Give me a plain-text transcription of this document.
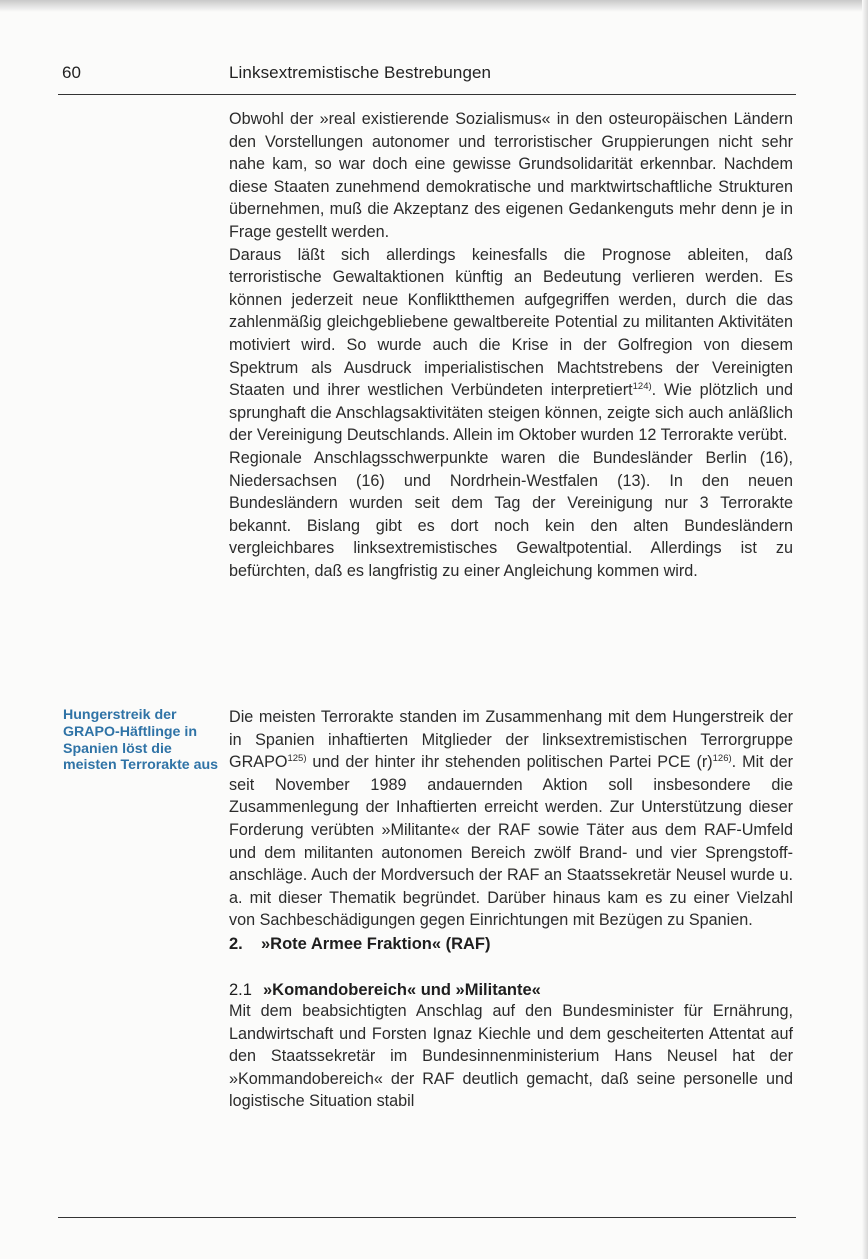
60	Linksextremistische Bestrebungen

Obwohl der »real existierende Sozialismus« in den osteuropäischen Ländern den Vorstellungen autonomer und terroristischer Gruppierungen nicht sehr nahe kam, so war doch eine gewisse Grundsolidarität erkennbar. Nachdem diese Staaten zunehmend demokratische und marktwirtschaftliche Strukturen übernehmen, muß die Akzeptanz des eigenen Gedankenguts mehr denn je in Frage gestellt werden.

Daraus läßt sich allerdings keinesfalls die Prognose ableiten, daß terroristische Gewaltaktionen künftig an Bedeutung verlieren werden. Es können jederzeit neue Konfliktthemen aufgegriffen werden, durch die das zahlenmäßig gleichgebliebene gewaltbereite Potential zu militanten Aktivitäten motiviert wird. So wurde auch die Krise in der Golfregion von diesem Spektrum als Ausdruck imperialistischen Machtstrebens der Vereinigten Staaten und ihrer westlichen Verbündeten interpretiert$^{124)}$. Wie plötzlich und sprunghaft die Anschlagsaktivitäten steigen können, zeigte sich auch anläßlich der Vereinigung Deutschlands. Allein im Oktober wurden 12 Terrorakte verübt.

Regionale Anschlagsschwerpunkte waren die Bundesländer Berlin (16), Niedersachsen (16) und Nordrhein-Westfalen (13). In den neuen Bundesländern wurden seit dem Tag der Vereinigung nur 3 Terrorakte bekannt. Bislang gibt es dort noch kein den alten Bundesländern vergleichbares linksextremistisches Gewaltpotential. Allerdings ist zu befürchten, daß es langfristig zu einer Angleichung kommen wird.

Hungerstreik der GRAPO-Häftlinge in Spanien löst die meisten Terrorakte aus

Die meisten Terrorakte standen im Zusammenhang mit dem Hungerstreik der in Spanien inhaftierten Mitglieder der linksextremistischen Terrorgruppe GRAPO$^{125)}$ und der hinter ihr stehenden politischen Partei PCE $(r)^{126)}$. Mit der seit November 1989 andauernden Aktion soll insbesondere die Zusammenlegung der Inhaftierten erreicht werden. Zur Unterstützung dieser Forderung verübten »Militante« der RAF sowie Täter aus dem RAF-Umfeld und dem militanten autonomen Bereich zwölf Brand- und vier Sprengstoffanschläge. Auch der Mordversuch der RAF an Staatssekretär Neusel wurde u. a. mit dieser Thematik begründet. Darüber hinaus kam es zu einer Vielzahl von Sachbeschädigungen gegen Einrichtungen mit Bezügen zu Spanien.

2. »Rote Armee Fraktion« (RAF)
2.1 »Komandobereich« und »Militante«

Mit dem beabsichtigten Anschlag auf den Bundesminister für Ernährung, Landwirtschaft und Forsten Ignaz Kiechle und dem gescheiterten Attentat auf den Staatssekretär im Bundesinnenministerium Hans Neusel hat der »Kommandobereich« der RAF deutlich gemacht, daß seine personelle und logistische Situation stabil
